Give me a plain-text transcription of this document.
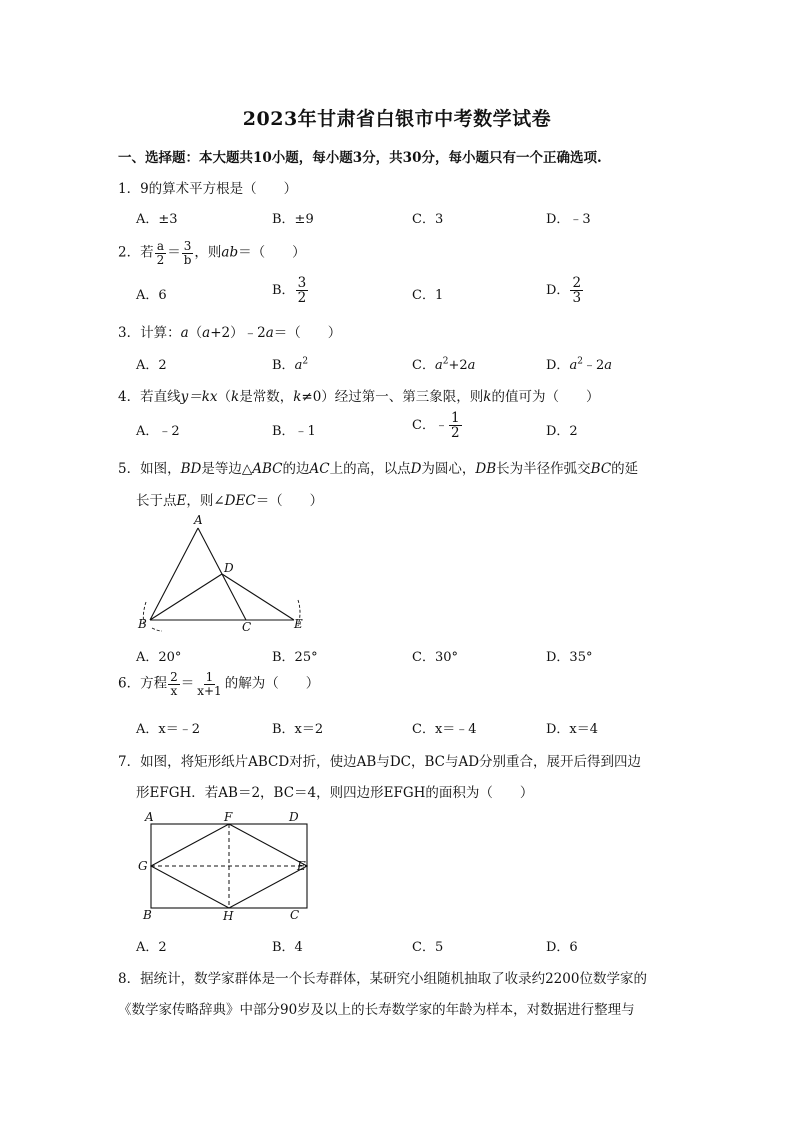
2023年甘肃省白银市中考数学试卷
一、选择题：本大题共10小题，每小题3分，共30分，每小题只有一个正确选项.
1．9的算术平方根是（　　）
A．±3	B．±9	C．3	D．﹣3
2．若 $\frac{a}{2} = \frac{3}{b}$ ，则ab＝（　　）
A．6	B． $\frac{3}{2}$	C．1	D． $\frac{2}{3}$
3．计算：a（a+2）﹣2a＝（　　）
A．2	B．$a^2$	C．$a^2+2a$	D．$a^2﹣2a$
4．若直线y＝kx（k是常数，k≠0）经过第一、第三象限，则k的值可为（　　）
A．﹣2	B．﹣1	C．﹣ $\frac{1}{2}$	D．2
5．如图，BD是等边△ABC的边AC上的高，以点D为圆心，DB长为半径作弧交BC的延
长于点E，则∠DEC＝（　　）
A
B	C
D
E
A．20°	B．25°	C．30°	D．35°
6．方程 $\frac{2}{x} = \frac{1}{x+1}$ 的解为（　　）
A．x＝﹣2	B．x＝2	C．x＝﹣4	D．x＝4
7．如图，将矩形纸片ABCD对折，使边AB与DC，BC与AD分别重合，展开后得到四边
形EFGH．若AB＝2，BC＝4，则四边形EFGH的面积为（　　）
A	F	D
G	E
B	H	C
A．2	B．4	C．5	D．6
8．据统计，数学家群体是一个长寿群体，某研究小组随机抽取了收录约2200位数学家的
《数学家传略辞典》中部分90岁及以上的长寿数学家的年龄为样本，对数据进行整理与
